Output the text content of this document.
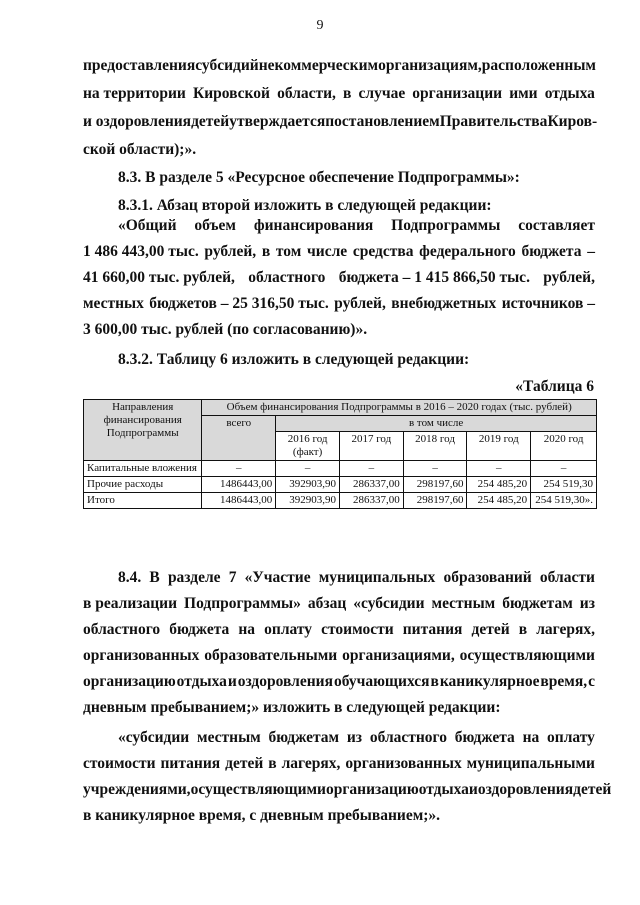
9
предоставления субсидий некоммерческим организациям, расположенным
на территории Кировской области, в случае организации ими отдыха
и оздоровления детей утверждается постановлением Правительства Киров-
ской области);».
8.3. В разделе 5 «Ресурсное обеспечение Подпрограммы»:
8.3.1. Абзац второй изложить в следующей редакции:
«Общий объем финансирования Подпрограммы составляет
1 486 443,00 тыс. рублей, в том числе средства федерального бюджета –
41 660,00 тыс. рублей, областного бюджета – 1 415 866,50 тыс. рублей,
местных бюджетов – 25 316,50 тыс. рублей, внебюджетных источников –
3 600,00 тыс. рублей (по согласованию)».
8.3.2. Таблицу 6 изложить в следующей редакции:
«Таблица 6
Направления финансирования Подпрограммы	Объем финансирования Подпрограммы в 2016 – 2020 годах (тыс. рублей)					
	всего	в том числе				
		2016 год (факт)	2017 год	2018 год	2019 год	2020 год
Капитальные вложения	–	–	–	–	–	–
Прочие расходы	1486443,00	392903,90	286337,00	298197,60	254 485,20	254 519,30
Итого	1486443,00	392903,90	286337,00	298197,60	254 485,20	254 519,30».
8.4. В разделе 7 «Участие муниципальных образований области
в реализации Подпрограммы» абзац «субсидии местным бюджетам из
областного бюджета на оплату стоимости питания детей в лагерях,
организованных образовательными организациями, осуществляющими
организацию отдыха и оздоровления обучающихся в каникулярное время, с
дневным пребыванием;» изложить в следующей редакции:
«субсидии местным бюджетам из областного бюджета на оплату
стоимости питания детей в лагерях, организованных муниципальными
учреждениями, осуществляющими организацию отдыха и оздоровления детей
в каникулярное время, с дневным пребыванием;».
